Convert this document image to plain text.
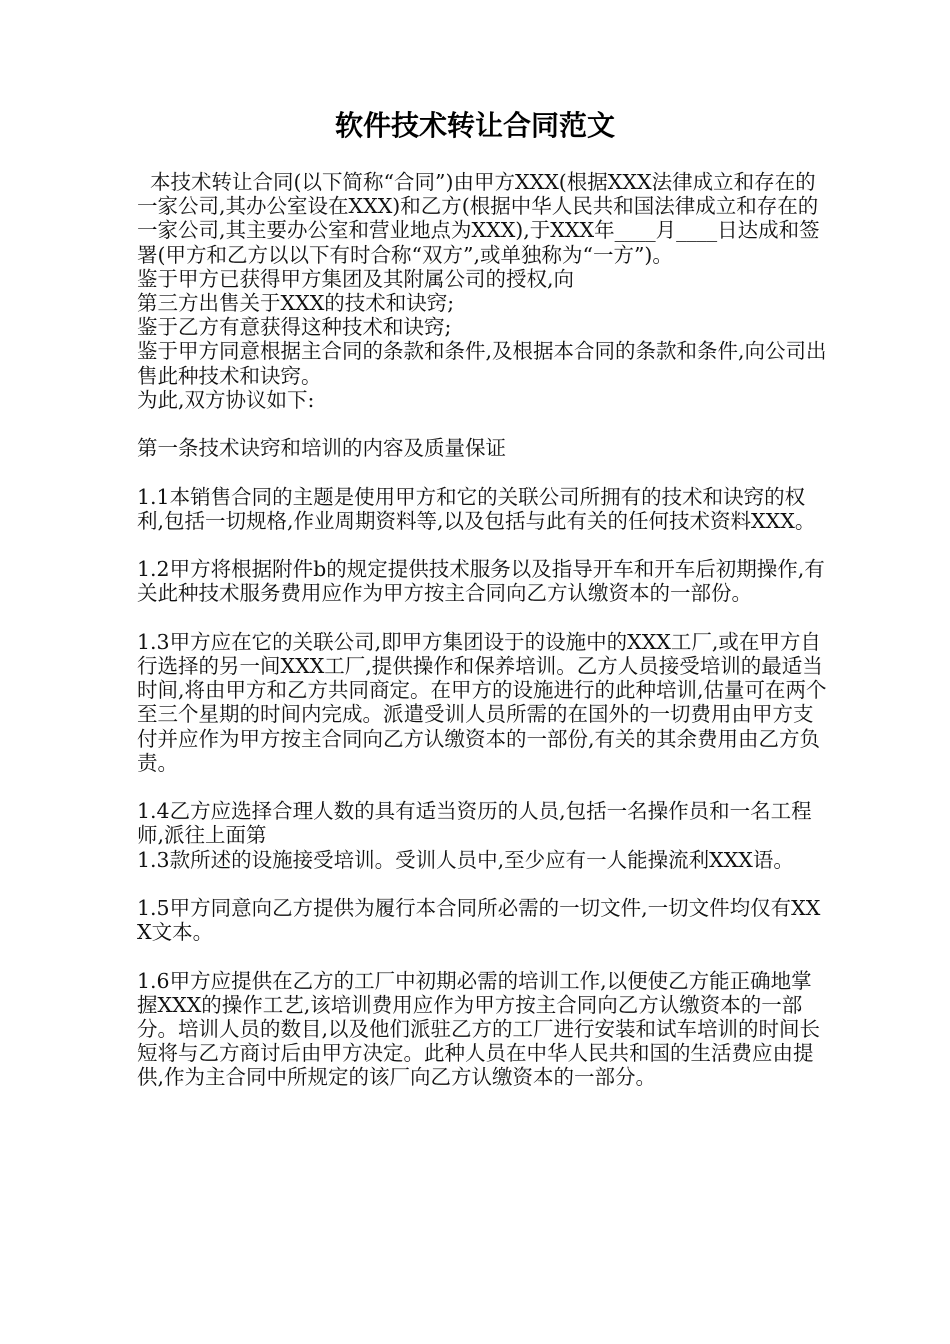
软件技术转让合同范文

本技术转让合同(以下简称“合同”)由甲方XXX(根据XXX法律成立和存在的一家公司,其办公室设在XXX)和乙方(根据中华人民共和国法律成立和存在的一家公司,其主要办公室和营业地点为XXX),于XXX年____月____日达成和签署(甲方和乙方以以下有时合称“双方”,或单独称为“一方”)。

鉴于甲方已获得甲方集团及其附属公司的授权,向

第三方出售关于XXX的技术和诀窍;

鉴于乙方有意获得这种技术和诀窍;

鉴于甲方同意根据主合同的条款和条件,及根据本合同的条款和条件,向公司出售此种技术和诀窍。

为此,双方协议如下:

第一条技术诀窍和培训的内容及质量保证

1.1本销售合同的主题是使用甲方和它的关联公司所拥有的技术和诀窍的权利,包括一切规格,作业周期资料等,以及包括与此有关的任何技术资料XXX。

1.2甲方将根据附件b的规定提供技术服务以及指导开车和开车后初期操作,有关此种技术服务费用应作为甲方按主合同向乙方认缴资本的一部份。

1.3甲方应在它的关联公司,即甲方集团设于的设施中的XXX工厂,或在甲方自行选择的另一间XXX工厂,提供操作和保养培训。乙方人员接受培训的最适当时间,将由甲方和乙方共同商定。在甲方的设施进行的此种培训,估量可在两个至三个星期的时间内完成。派遣受训人员所需的在国外的一切费用由甲方支付并应作为甲方按主合同向乙方认缴资本的一部份,有关的其余费用由乙方负责。

1.4乙方应选择合理人数的具有适当资历的人员,包括一名操作员和一名工程师,派往上面第

1.3款所述的设施接受培训。受训人员中,至少应有一人能操流利XXX语。

1.5甲方同意向乙方提供为履行本合同所必需的一切文件,一切文件均仅有XXX文本。

1.6甲方应提供在乙方的工厂中初期必需的培训工作,以便使乙方能正确地掌握XXX的操作工艺,该培训费用应作为甲方按主合同向乙方认缴资本的一部分。培训人员的数目,以及他们派驻乙方的工厂进行安装和试车培训的时间长短将与乙方商讨后由甲方决定。此种人员在中华人民共和国的生活费应由提供,作为主合同中所规定的该厂向乙方认缴资本的一部分。
